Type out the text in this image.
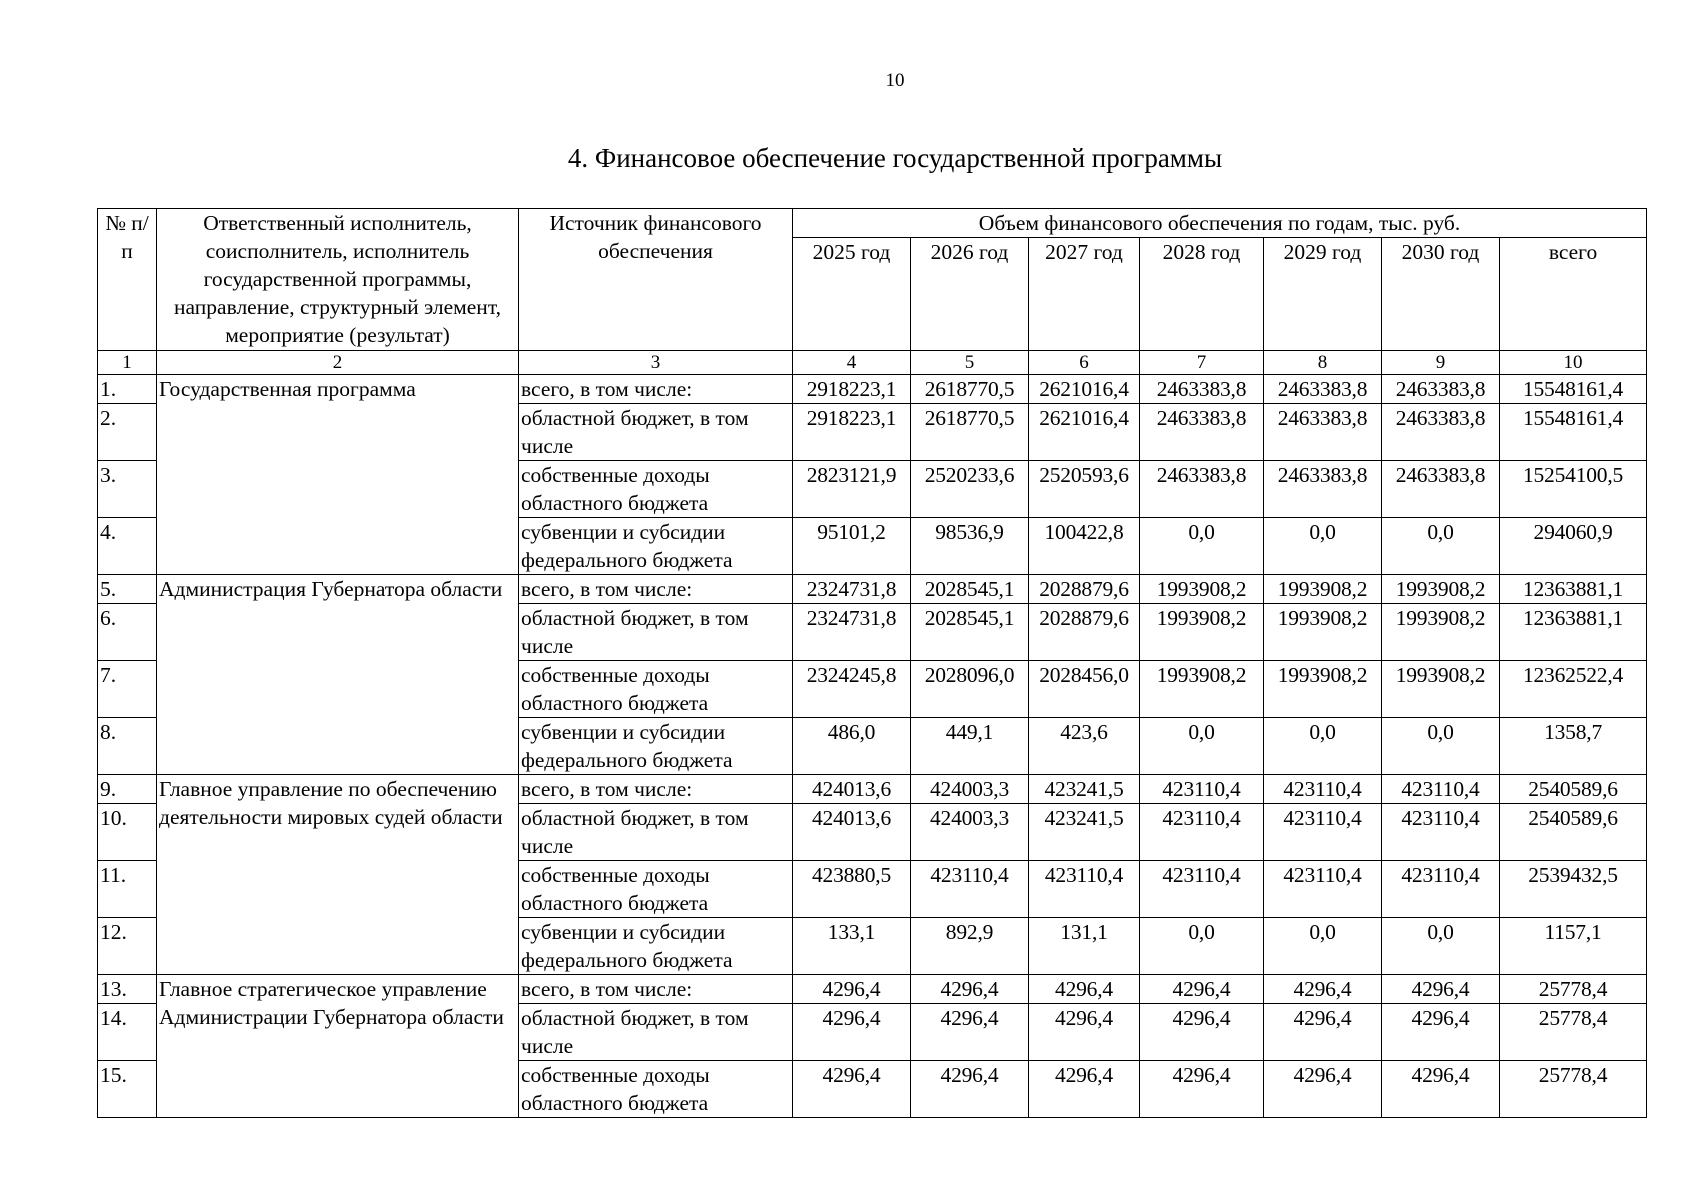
10
4. Финансовое обеспечение государственной программы
№ п/п	Ответственный исполнитель, соисполнитель, исполнитель государственной программы, направление, структурный элемент, мероприятие (результат)	Источник финансового обеспечения	Объем финансового обеспечения по годам, тыс. руб.						
			2025 год	2026 год	2027 год	2028 год	2029 год	2030 год	всего
1	2	3	4	5	6	7	8	9	10
1.	Государственная программа	всего, в том числе:	2918223,1	2618770,5	2621016,4	2463383,8	2463383,8	2463383,8	15548161,4
2.		областной бюджет, в том числе	2918223,1	2618770,5	2621016,4	2463383,8	2463383,8	2463383,8	15548161,4
3.		собственные доходы областного бюджета	2823121,9	2520233,6	2520593,6	2463383,8	2463383,8	2463383,8	15254100,5
4.		субвенции и субсидии федерального бюджета	95101,2	98536,9	100422,8	0,0	0,0	0,0	294060,9
5.	Администрация Губернатора области	всего, в том числе:	2324731,8	2028545,1	2028879,6	1993908,2	1993908,2	1993908,2	12363881,1
6.		областной бюджет, в том числе	2324731,8	2028545,1	2028879,6	1993908,2	1993908,2	1993908,2	12363881,1
7.		собственные доходы областного бюджета	2324245,8	2028096,0	2028456,0	1993908,2	1993908,2	1993908,2	12362522,4
8.		субвенции и субсидии федерального бюджета	486,0	449,1	423,6	0,0	0,0	0,0	1358,7
9.	Главное управление по обеспечению деятельности мировых судей области	всего, в том числе:	424013,6	424003,3	423241,5	423110,4	423110,4	423110,4	2540589,6
10.		областной бюджет, в том числе	424013,6	424003,3	423241,5	423110,4	423110,4	423110,4	2540589,6
11.		собственные доходы областного бюджета	423880,5	423110,4	423110,4	423110,4	423110,4	423110,4	2539432,5
12.		субвенции и субсидии федерального бюджета	133,1	892,9	131,1	0,0	0,0	0,0	1157,1
13.	Главное стратегическое управление Администрации Губернатора области	всего, в том числе:	4296,4	4296,4	4296,4	4296,4	4296,4	4296,4	25778,4
14.		областной бюджет, в том числе	4296,4	4296,4	4296,4	4296,4	4296,4	4296,4	25778,4
15.		собственные доходы областного бюджета	4296,4	4296,4	4296,4	4296,4	4296,4	4296,4	25778,4
